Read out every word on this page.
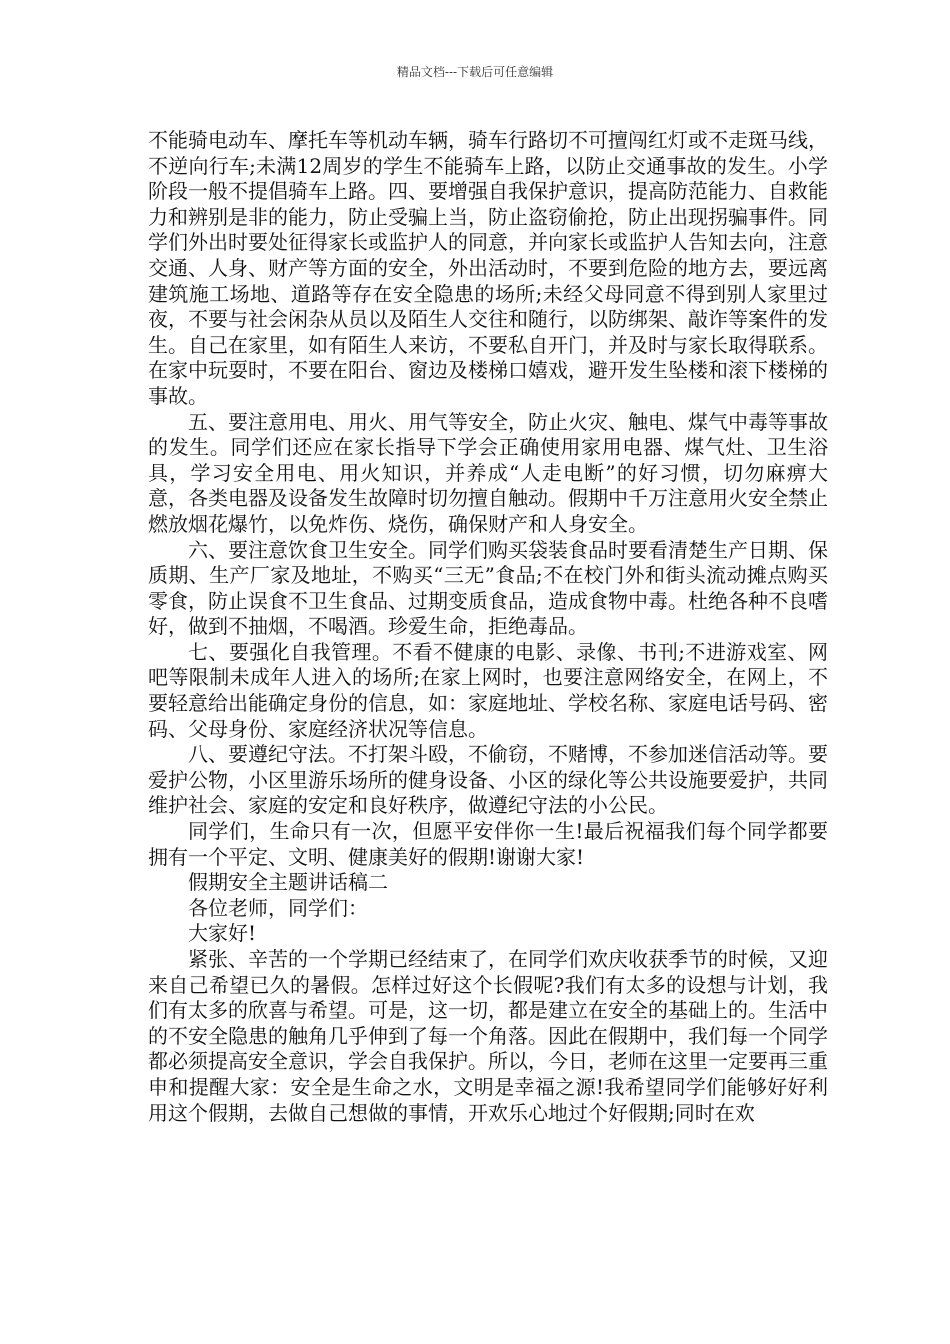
精品文档---下载后可任意编辑

不能骑电动车、摩托车等机动车辆，骑车行路切不可擅闯红灯或不走斑马线，不逆向行车;未满12周岁的学生不能骑车上路，以防止交通事故的发生。小学阶段一般不提倡骑车上路。四、要增强自我保护意识，提高防范能力、自救能力和辨别是非的能力，防止受骗上当，防止盗窃偷抢，防止出现拐骗事件。同学们外出时要处征得家长或监护人的同意，并向家长或监护人告知去向，注意交通、人身、财产等方面的安全，外出活动时，不要到危险的地方去，要远离建筑施工场地、道路等存在安全隐患的场所;未经父母同意不得到别人家里过夜，不要与社会闲杂从员以及陌生人交往和随行，以防绑架、敲诈等案件的发生。自己在家里，如有陌生人来访，不要私自开门，并及时与家长取得联系。在家中玩耍时，不要在阳台、窗边及楼梯口嬉戏，避开发生坠楼和滚下楼梯的事故。

五、要注意用电、用火、用气等安全，防止火灾、触电、煤气中毒等事故的发生。同学们还应在家长指导下学会正确使用家用电器、煤气灶、卫生浴具，学习安全用电、用火知识，并养成“人走电断”的好习惯，切勿麻痹大意，各类电器及设备发生故障时切勿擅自触动。假期中千万注意用火安全禁止燃放烟花爆竹，以免炸伤、烧伤，确保财产和人身安全。

六、要注意饮食卫生安全。同学们购买袋装食品时要看清楚生产日期、保质期、生产厂家及地址，不购买“三无”食品;不在校门外和街头流动摊点购买零食，防止误食不卫生食品、过期变质食品，造成食物中毒。杜绝各种不良嗜好，做到不抽烟，不喝酒。珍爱生命，拒绝毒品。

七、要强化自我管理。不看不健康的电影、录像、书刊;不进游戏室、网吧等限制未成年人进入的场所;在家上网时，也要注意网络安全，在网上，不要轻意给出能确定身份的信息，如：家庭地址、学校名称、家庭电话号码、密码、父母身份、家庭经济状况等信息。

八、要遵纪守法。不打架斗殴，不偷窃，不赌博，不参加迷信活动等。要爱护公物，小区里游乐场所的健身设备、小区的绿化等公共设施要爱护，共同维护社会、家庭的安定和良好秩序，做遵纪守法的小公民。

同学们，生命只有一次，但愿平安伴你一生!最后祝福我们每个同学都要拥有一个平定、文明、健康美好的假期!谢谢大家!

假期安全主题讲话稿二

各位老师，同学们：

大家好!

紧张、辛苦的一个学期已经结束了，在同学们欢庆收获季节的时候，又迎来自己希望已久的暑假。怎样过好这个长假呢?我们有太多的设想与计划，我们有太多的欣喜与希望。可是，这一切，都是建立在安全的基础上的。生活中的不安全隐患的触角几乎伸到了每一个角落。因此在假期中，我们每一个同学都必须提高安全意识，学会自我保护。所以，今日，老师在这里一定要再三重申和提醒大家：安全是生命之水，文明是幸福之源!我希望同学们能够好好利用这个假期，去做自己想做的事情，开欢乐心地过个好假期;同时在欢
